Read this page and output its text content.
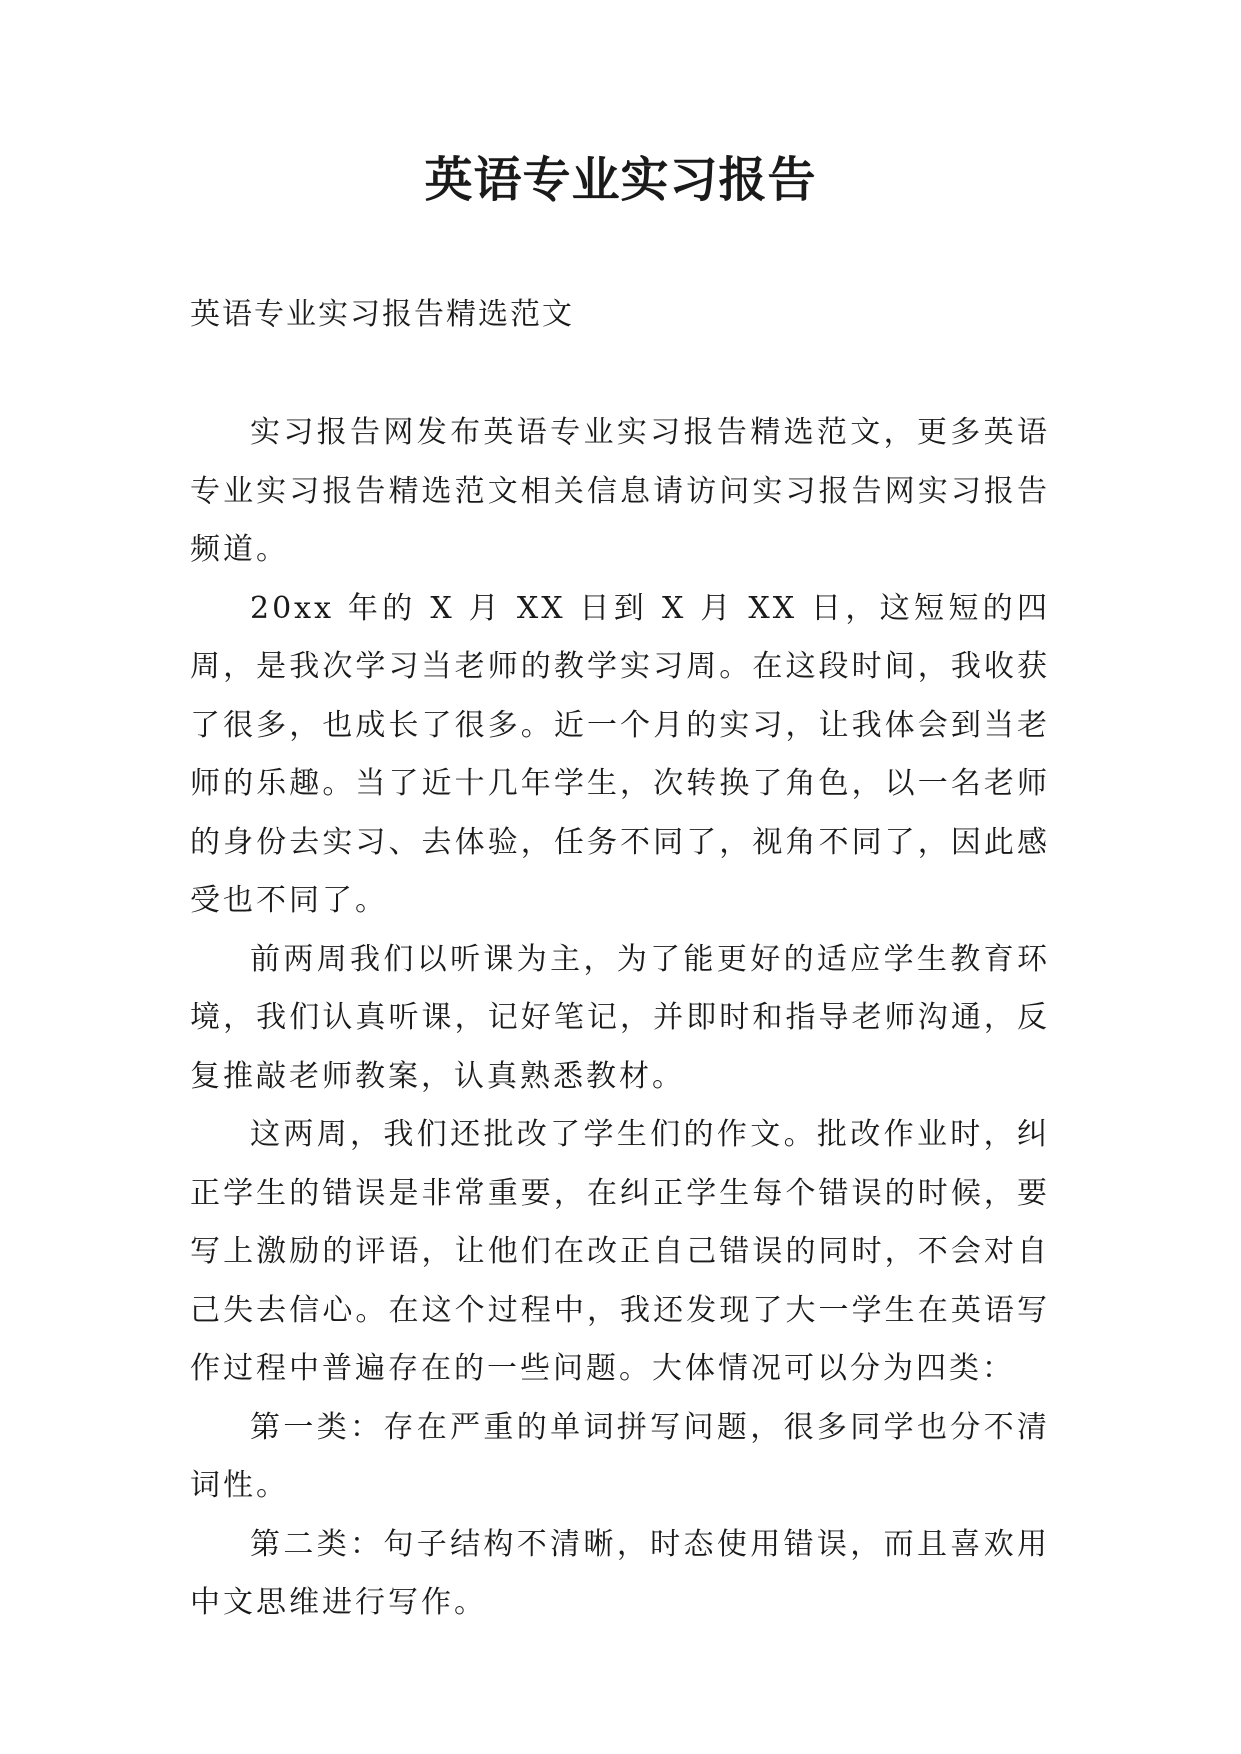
英语专业实习报告

英语专业实习报告精选范文

实习报告网发布英语专业实习报告精选范文，更多英语专业实习报告精选范文相关信息请访问实习报告网实习报告频道。

20xx 年的 X 月 XX 日到 X 月 XX 日，这短短的四周，是我次学习当老师的教学实习周。在这段时间，我收获了很多，也成长了很多。近一个月的实习，让我体会到当老师的乐趣。当了近十几年学生，次转换了角色，以一名老师的身份去实习、去体验，任务不同了，视角不同了，因此感受也不同了。

前两周我们以听课为主，为了能更好的适应学生教育环境，我们认真听课，记好笔记，并即时和指导老师沟通，反复推敲老师教案，认真熟悉教材。

这两周，我们还批改了学生们的作文。批改作业时，纠正学生的错误是非常重要，在纠正学生每个错误的时候，要写上激励的评语，让他们在改正自己错误的同时，不会对自己失去信心。在这个过程中，我还发现了大一学生在英语写作过程中普遍存在的一些问题。大体情况可以分为四类：

第一类：存在严重的单词拼写问题，很多同学也分不清词性。

第二类：句子结构不清晰，时态使用错误，而且喜欢用中文思维进行写作。
